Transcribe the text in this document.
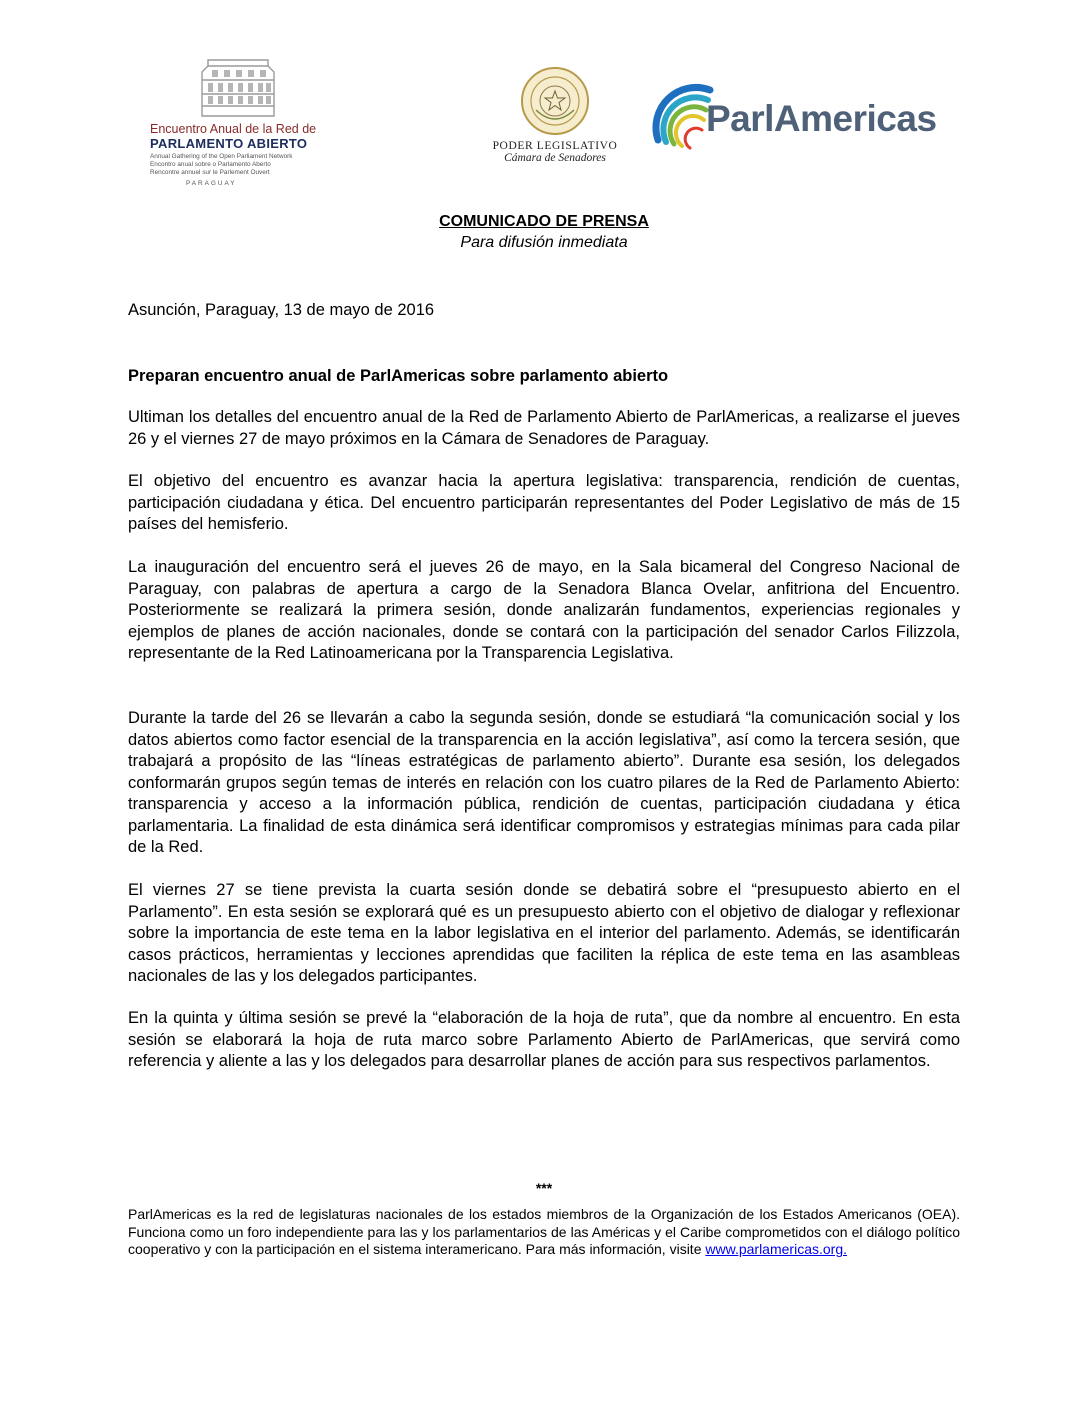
Encuentro Anual de la Red de
PARLAMENTO ABIERTO
Annual Gathering of the Open Parliament Network
Encontro anual sobre o Parlamento Aberto
Rencontre annuel sur le Parlement Ouvert
PARAGUAY
PODER LEGISLATIVO
Cámara de Senadores
ParlAmericas
COMUNICADO DE PRENSA
Para difusión inmediata
Asunción, Paraguay, 13 de mayo de 2016
Preparan encuentro anual de ParlAmericas sobre parlamento abierto
Ultiman los detalles del encuentro anual de la Red de Parlamento Abierto de ParlAmericas, a realizarse el jueves 26 y el viernes 27 de mayo próximos en la Cámara de Senadores de Paraguay.
El objetivo del encuentro es avanzar hacia la apertura legislativa: transparencia, rendición de cuentas, participación ciudadana y ética. Del encuentro participarán representantes del Poder Legislativo de más de 15 países del hemisferio.
La inauguración del encuentro será el jueves 26 de mayo, en la Sala bicameral del Congreso Nacional de Paraguay, con palabras de apertura a cargo de la Senadora Blanca Ovelar, anfitriona del Encuentro. Posteriormente se realizará la primera sesión, donde analizarán fundamentos, experiencias regionales y ejemplos de planes de acción nacionales, donde se contará con la participación del senador Carlos Filizzola, representante de la Red Latinoamericana por la Transparencia Legislativa.
Durante la tarde del 26 se llevarán a cabo la segunda sesión, donde se estudiará “la comunicación social y los datos abiertos como factor esencial de la transparencia en la acción legislativa”, así como la tercera sesión, que trabajará a propósito de las “líneas estratégicas de parlamento abierto”. Durante esa sesión, los delegados conformarán grupos según temas de interés en relación con los cuatro pilares de la Red de Parlamento Abierto: transparencia y acceso a la información pública, rendición de cuentas, participación ciudadana y ética parlamentaria. La finalidad de esta dinámica será identificar compromisos y estrategias mínimas para cada pilar de la Red.
El viernes 27 se tiene prevista la cuarta sesión donde se debatirá sobre el “presupuesto abierto en el Parlamento”. En esta sesión se explorará qué es un presupuesto abierto con el objetivo de dialogar y reflexionar sobre la importancia de este tema en la labor legislativa en el interior del parlamento. Además, se identificarán casos prácticos, herramientas y lecciones aprendidas que faciliten la réplica de este tema en las asambleas nacionales de las y los delegados participantes.
En la quinta y última sesión se prevé la “elaboración de la hoja de ruta”, que da nombre al encuentro. En esta sesión se elaborará la hoja de ruta marco sobre Parlamento Abierto de ParlAmericas, que servirá como referencia y aliente a las y los delegados para desarrollar planes de acción para sus respectivos parlamentos.
***
ParlAmericas es la red de legislaturas nacionales de los estados miembros de la Organización de los Estados Americanos (OEA). Funciona como un foro independiente para las y los parlamentarios de las Américas y el Caribe comprometidos con el diálogo político cooperativo y con la participación en el sistema interamericano. Para más información, visite www.parlamericas.org.
